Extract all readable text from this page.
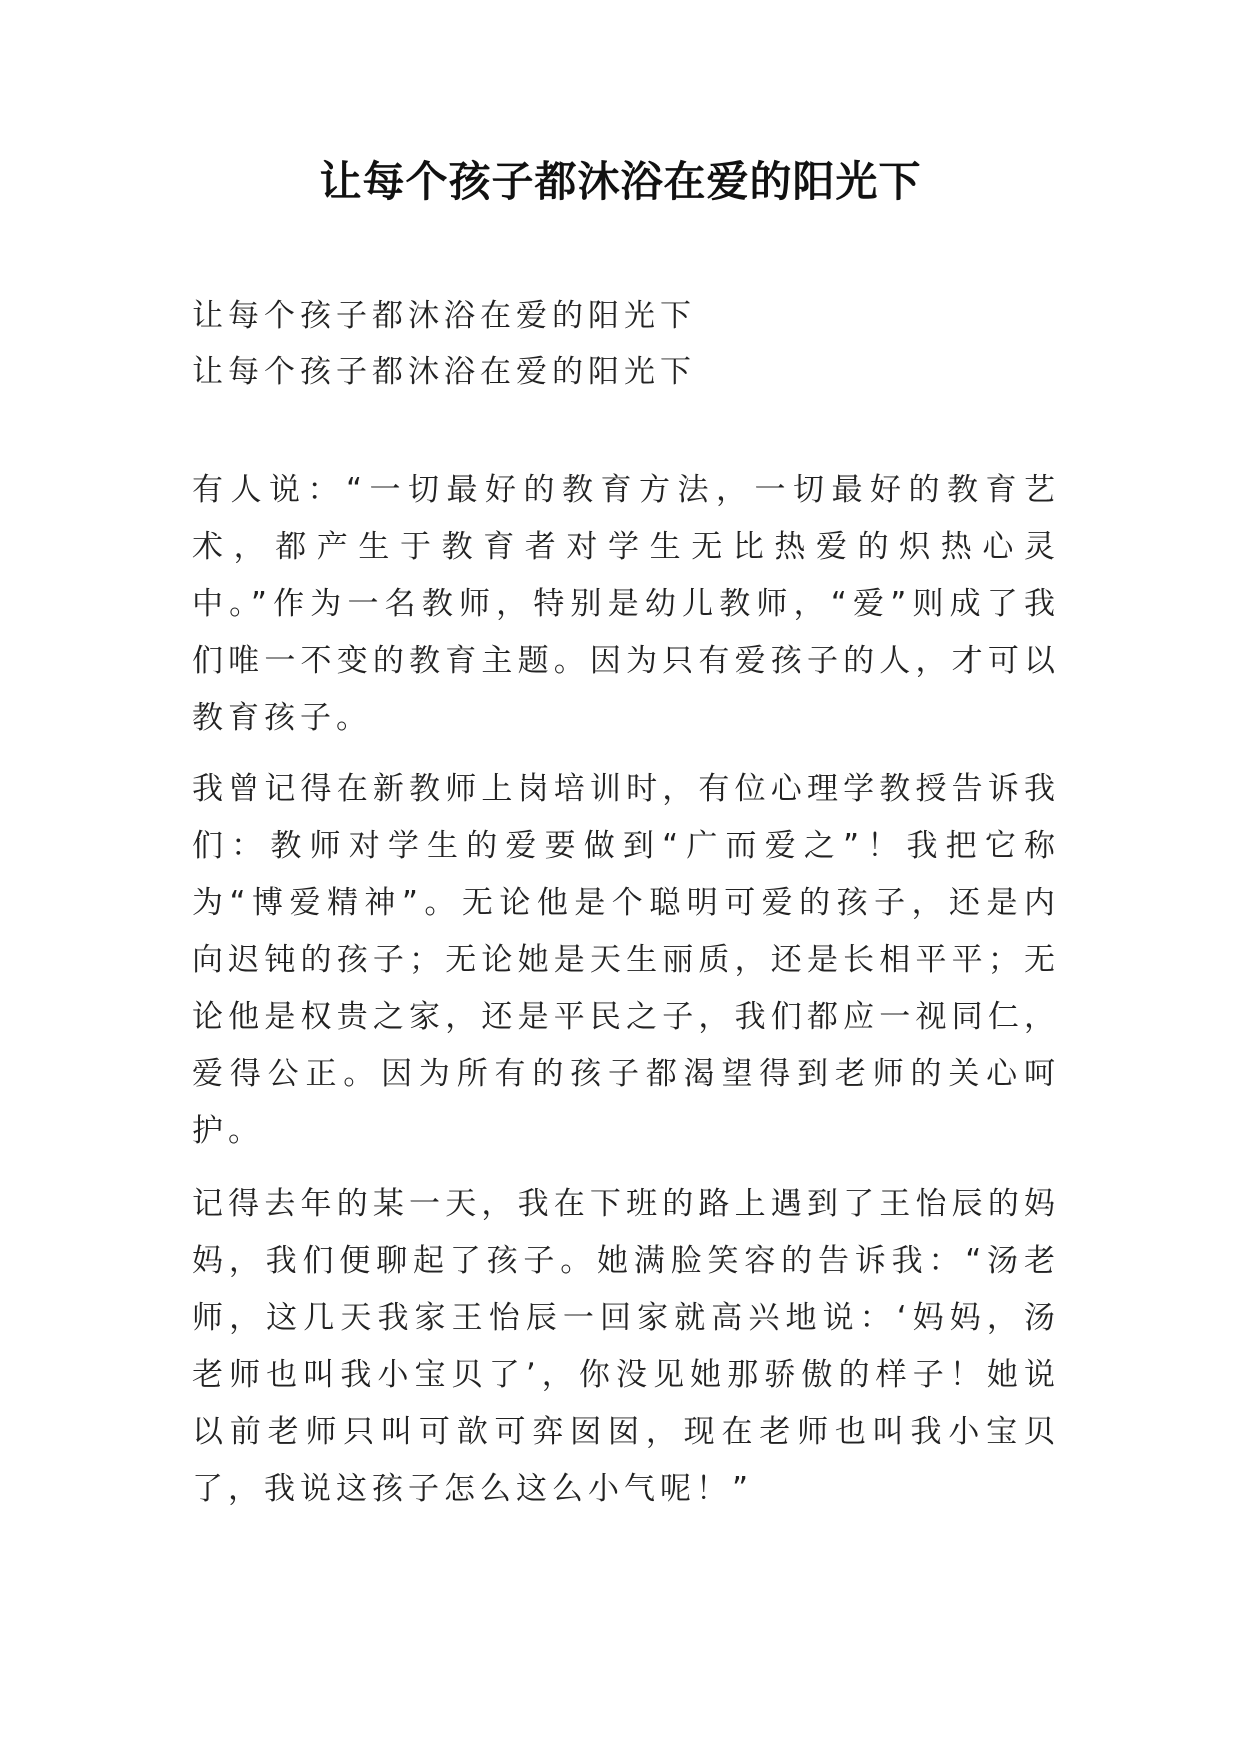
让每个孩子都沐浴在爱的阳光下
让每个孩子都沐浴在爱的阳光下
让每个孩子都沐浴在爱的阳光下

有人说：“一切最好的教育方法，一切最好的教育艺术，都产生于教育者对学生无比热爱的炽热心灵中。”作为一名教师，特别是幼儿教师，“爱”则成了我们唯一不变的教育主题。因为只有爱孩子的人，才可以教育孩子。

我曾记得在新教师上岗培训时，有位心理学教授告诉我们：教师对学生的爱要做到“广而爱之”！我把它称为“博爱精神”。无论他是个聪明可爱的孩子，还是内向迟钝的孩子；无论她是天生丽质，还是长相平平；无论他是权贵之家，还是平民之子，我们都应一视同仁，爱得公正。因为所有的孩子都渴望得到老师的关心呵护。

记得去年的某一天，我在下班的路上遇到了王怡辰的妈妈，我们便聊起了孩子。她满脸笑容的告诉我：“汤老师，这几天我家王怡辰一回家就高兴地说：‘妈妈，汤老师也叫我小宝贝了’，你没见她那骄傲的样子！她说以前老师只叫可歆可弈囡囡，现在老师也叫我小宝贝了，我说这孩子怎么这么小气呢！”
